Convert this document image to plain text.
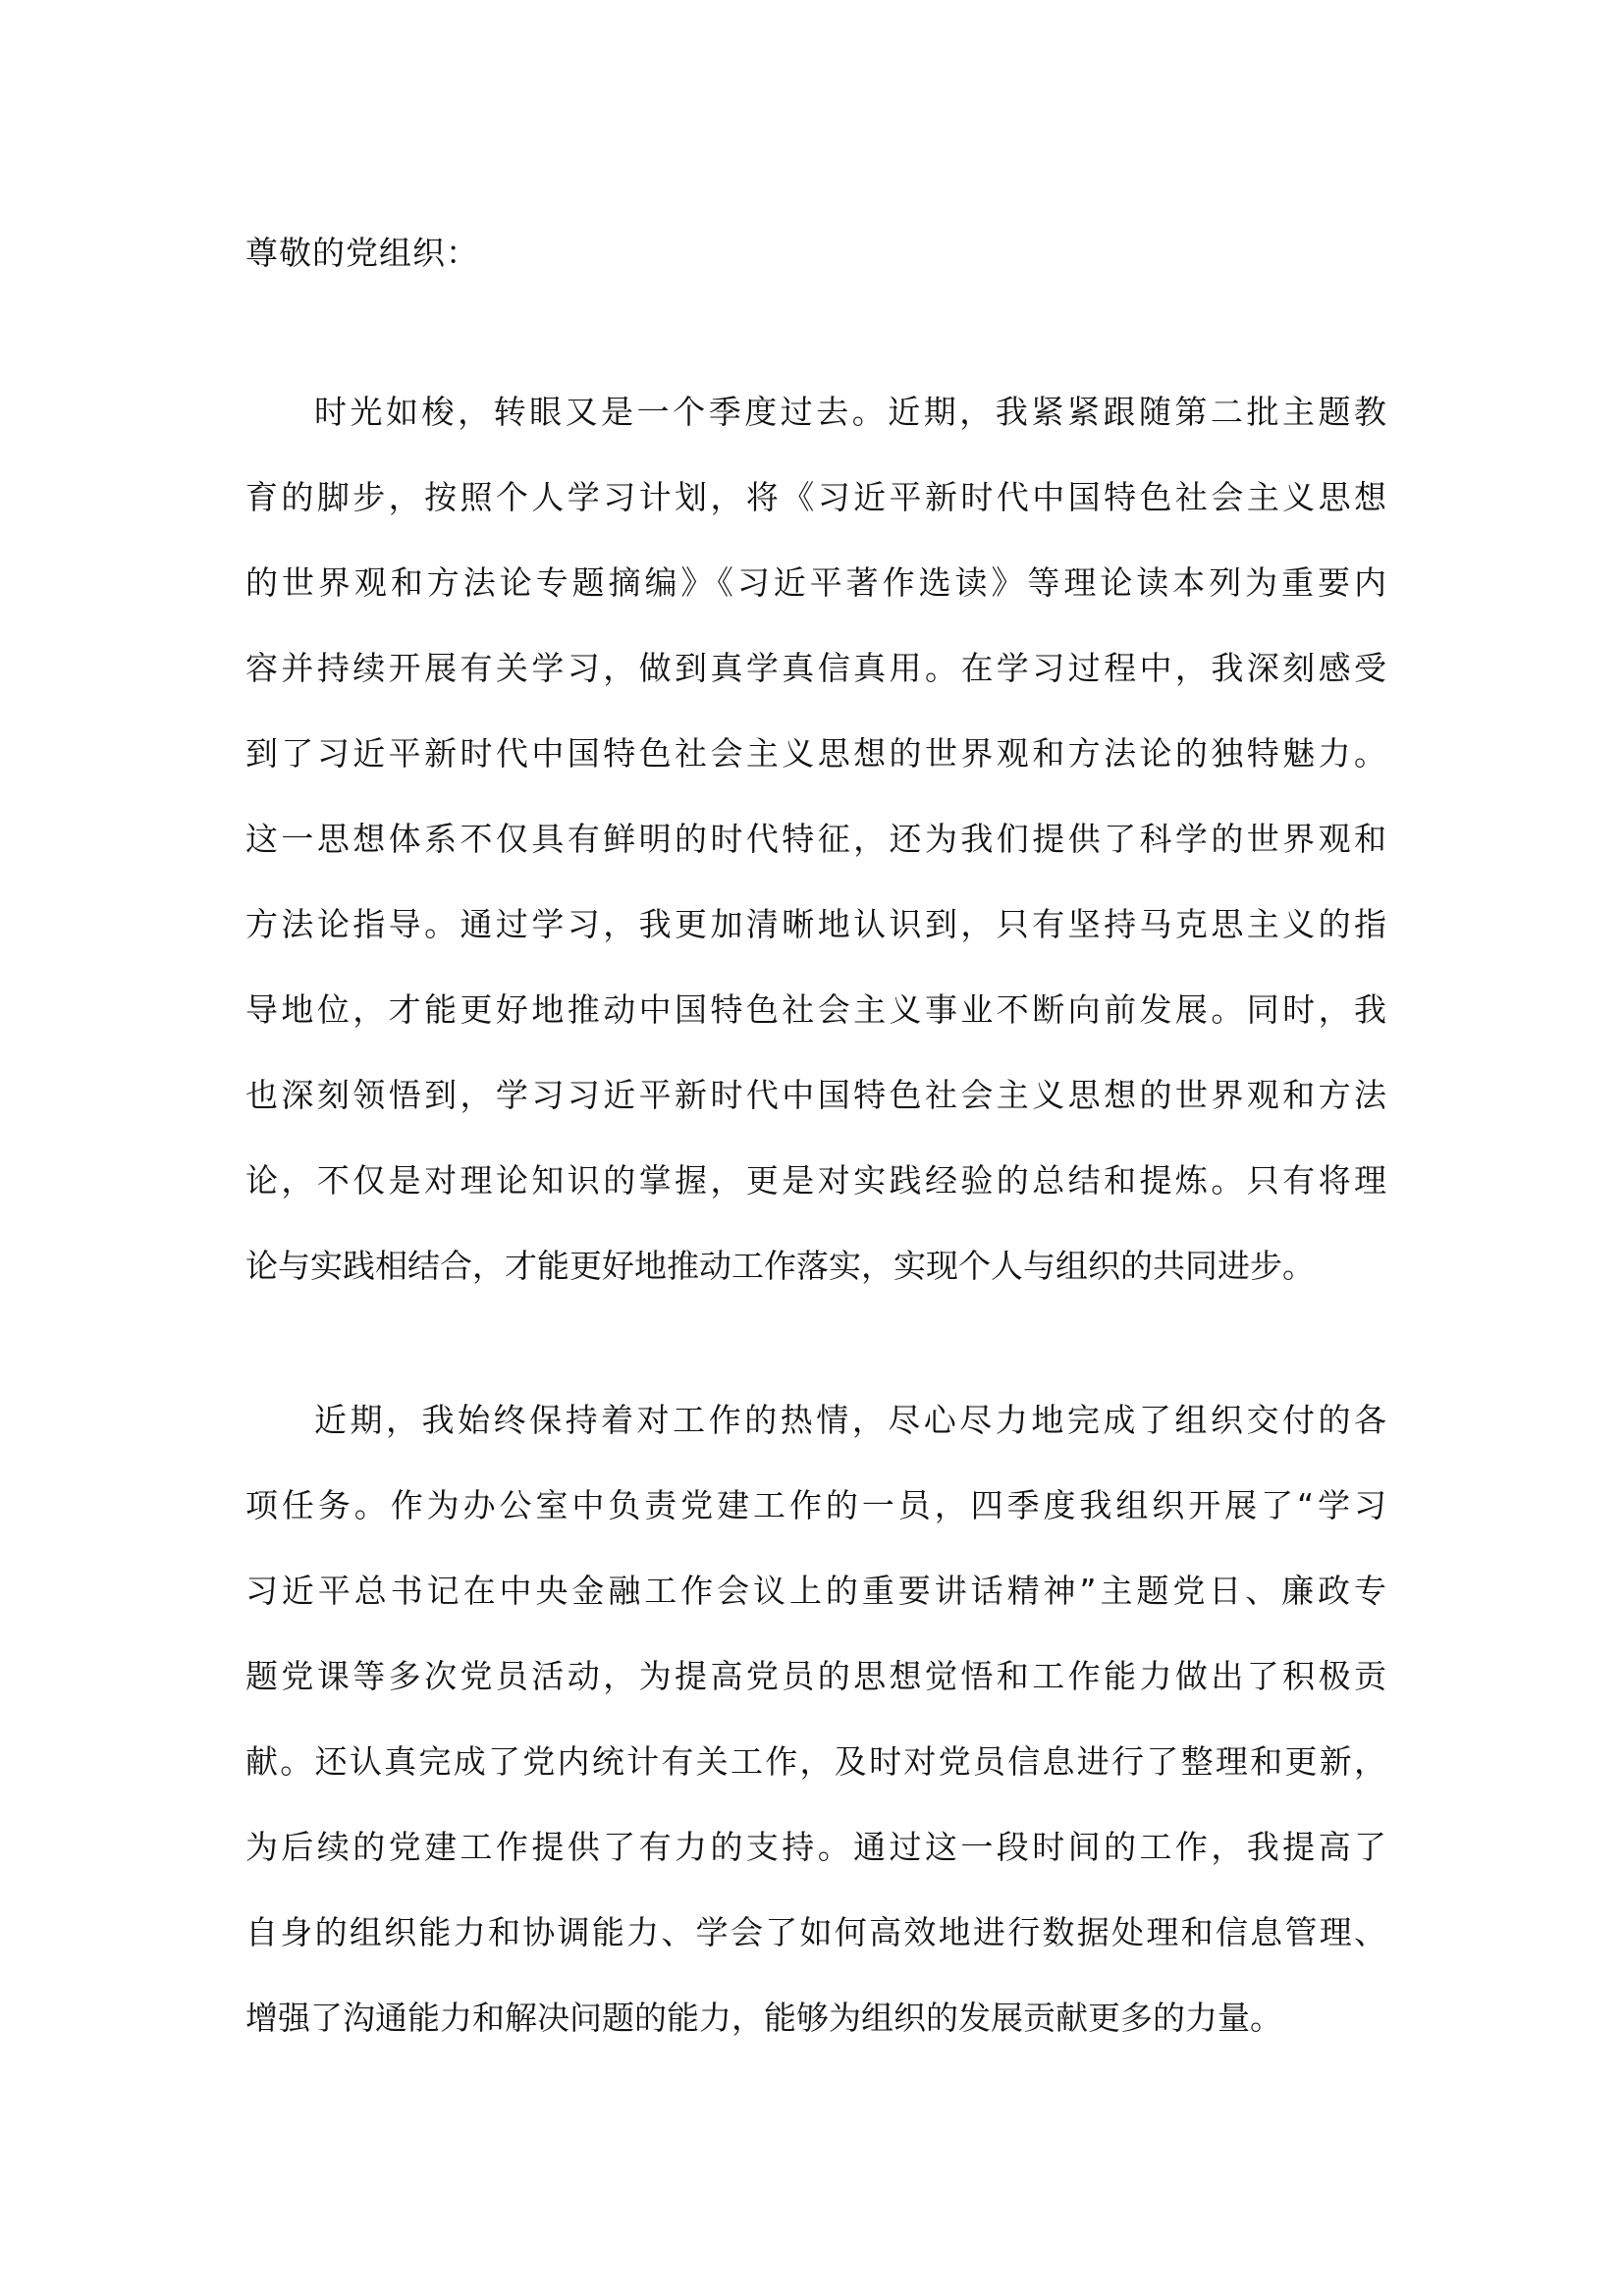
尊敬的党组织：
时光如梭，转眼又是一个季度过去。近期，我紧紧跟随第二批主题教
育的脚步，按照个人学习计划，将《习近平新时代中国特色社会主义思想
的世界观和方法论专题摘编》《习近平著作选读》等理论读本列为重要内
容并持续开展有关学习，做到真学真信真用。在学习过程中，我深刻感受
到了习近平新时代中国特色社会主义思想的世界观和方法论的独特魅力。
这一思想体系不仅具有鲜明的时代特征，还为我们提供了科学的世界观和
方法论指导。通过学习，我更加清晰地认识到，只有坚持马克思主义的指
导地位，才能更好地推动中国特色社会主义事业不断向前发展。同时，我
也深刻领悟到，学习习近平新时代中国特色社会主义思想的世界观和方法
论，不仅是对理论知识的掌握，更是对实践经验的总结和提炼。只有将理
论与实践相结合，才能更好地推动工作落实，实现个人与组织的共同进步。
近期，我始终保持着对工作的热情，尽心尽力地完成了组织交付的各
项任务。作为办公室中负责党建工作的一员，四季度我组织开展了“学习
习近平总书记在中央金融工作会议上的重要讲话精神”主题党日、廉政专
题党课等多次党员活动，为提高党员的思想觉悟和工作能力做出了积极贡
献。还认真完成了党内统计有关工作，及时对党员信息进行了整理和更新，
为后续的党建工作提供了有力的支持。通过这一段时间的工作，我提高了
自身的组织能力和协调能力、学会了如何高效地进行数据处理和信息管理、
增强了沟通能力和解决问题的能力，能够为组织的发展贡献更多的力量。
